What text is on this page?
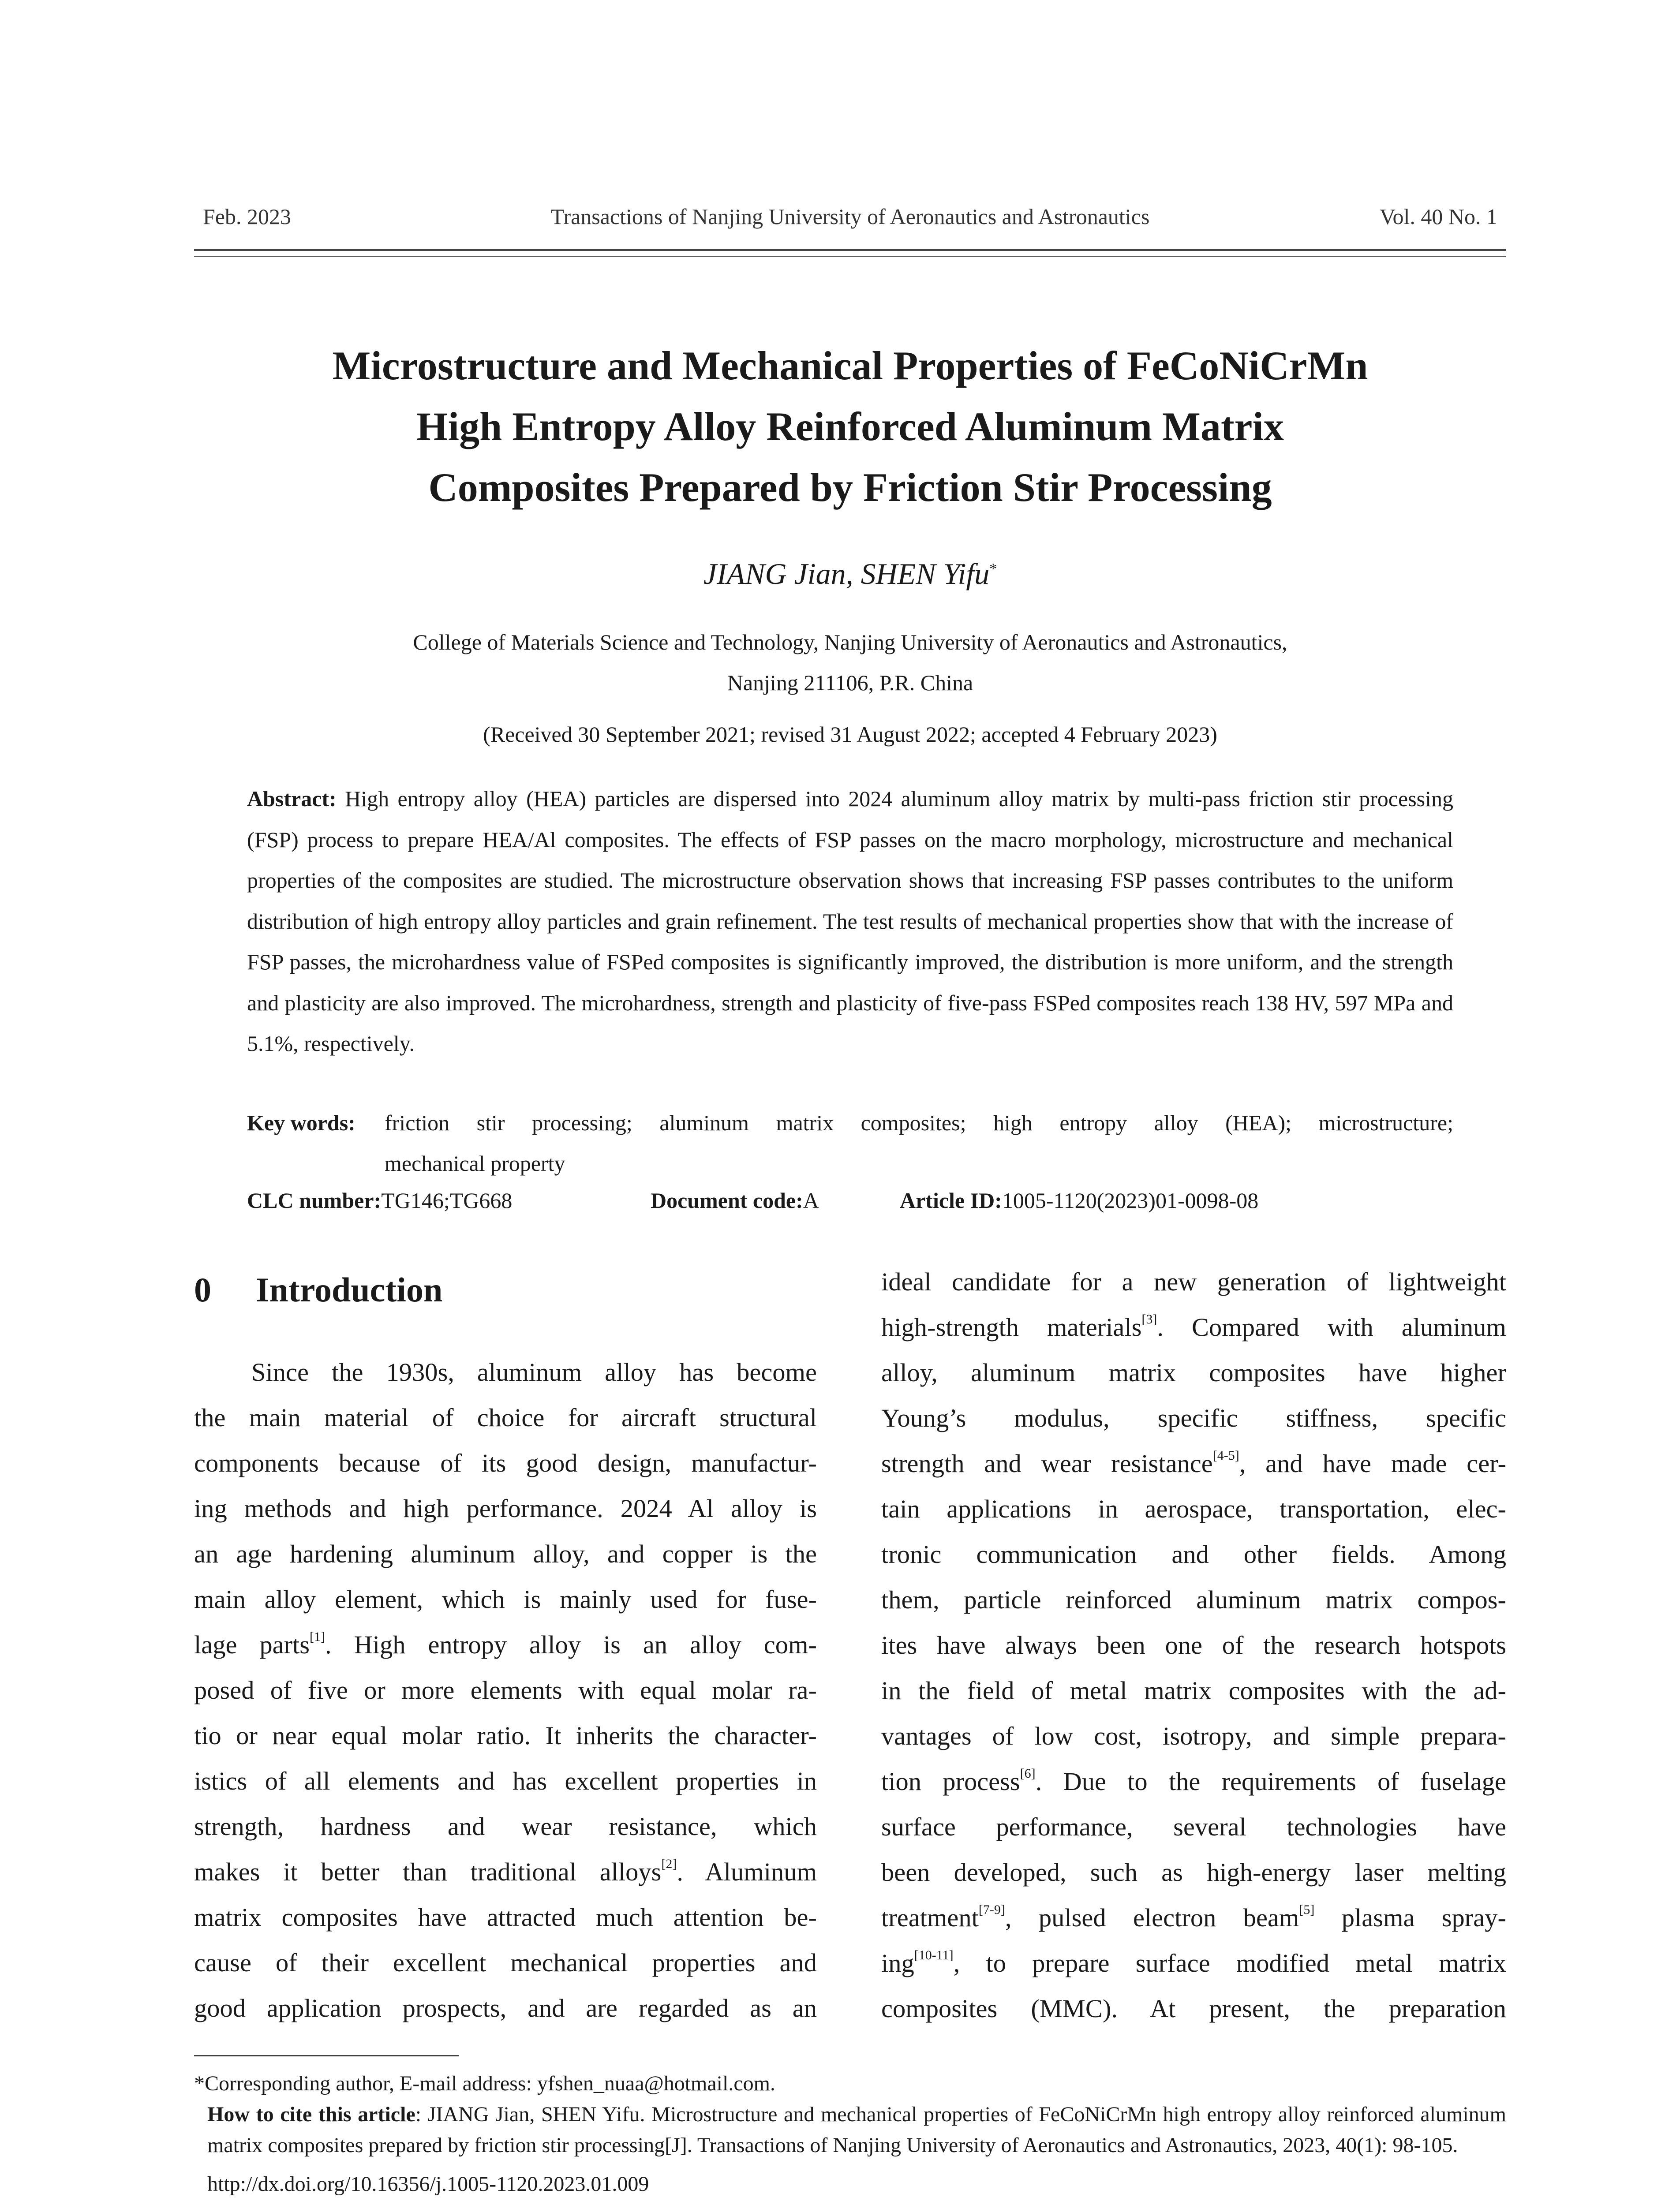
Feb. 2023	Transactions of Nanjing University of Aeronautics and Astronautics	Vol. 40 No. 1
Microstructure and Mechanical Properties of FeCoNiCrMn
High Entropy Alloy Reinforced Aluminum Matrix
Composites Prepared by Friction Stir Processing
JIANG Jian, SHEN Yifu*
College of Materials Science and Technology, Nanjing University of Aeronautics and Astronautics,
Nanjing 211106, P.R. China
(Received 30 September 2021; revised 31 August 2022; accepted 4 February 2023)
Abstract: High entropy alloy (HEA) particles are dispersed into 2024 aluminum alloy matrix by multi-pass friction stir processing (FSP) process to prepare HEA/Al composites. The effects of FSP passes on the macro morphology, microstructure and mechanical properties of the composites are studied. The microstructure observation shows that increasing FSP passes contributes to the uniform distribution of high entropy alloy particles and grain refinement. The test results of mechanical properties show that with the increase of FSP passes, the microhardness value of FSPed composites is significantly improved, the distribution is more uniform, and the strength and plasticity are also improved. The microhardness, strength and plasticity of five-pass FSPed composites reach 138 HV, 597 MPa and 5.1%, respectively.
Key words: friction stir processing; aluminum matrix composites; high entropy alloy (HEA); microstructure;
mechanical property
CLC number:TG146;TG668	Document code:A	Article ID:1005-1120(2023)01-0098-08
0 Introduction
Since the 1930s, aluminum alloy has become
the main material of choice for aircraft structural
components because of its good design, manufactur-
ing methods and high performance. 2024 Al alloy is
an age hardening aluminum alloy, and copper is the
main alloy element, which is mainly used for fuse-
lage parts[1]. High entropy alloy is an alloy com-
posed of five or more elements with equal molar ra-
tio or near equal molar ratio. It inherits the character-
istics of all elements and has excellent properties in
strength, hardness and wear resistance, which
makes it better than traditional alloys[2]. Aluminum
matrix composites have attracted much attention be-
cause of their excellent mechanical properties and
good application prospects, and are regarded as an
ideal candidate for a new generation of lightweight
high-strength materials[3]. Compared with aluminum
alloy, aluminum matrix composites have higher
Young’s modulus, specific stiffness, specific
strength and wear resistance[4-5], and have made cer-
tain applications in aerospace, transportation, elec-
tronic communication and other fields. Among
them, particle reinforced aluminum matrix compos-
ites have always been one of the research hotspots
in the field of metal matrix composites with the ad-
vantages of low cost, isotropy, and simple prepara-
tion process[6]. Due to the requirements of fuselage
surface performance, several technologies have
been developed, such as high-energy laser melting
treatment[7-9], pulsed electron beam[5] plasma spray-
ing[10-11], to prepare surface modified metal matrix
composites (MMC). At present, the preparation
*Corresponding author, E-mail address: yfshen_nuaa@hotmail.com.
How to cite this article: JIANG Jian, SHEN Yifu. Microstructure and mechanical properties of FeCoNiCrMn high entropy alloy reinforced aluminum matrix composites prepared by friction stir processing[J]. Transactions of Nanjing University of Aeronautics and Astronautics, 2023, 40(1): 98-105.
http://dx.doi.org/10.16356/j.1005-1120.2023.01.009
